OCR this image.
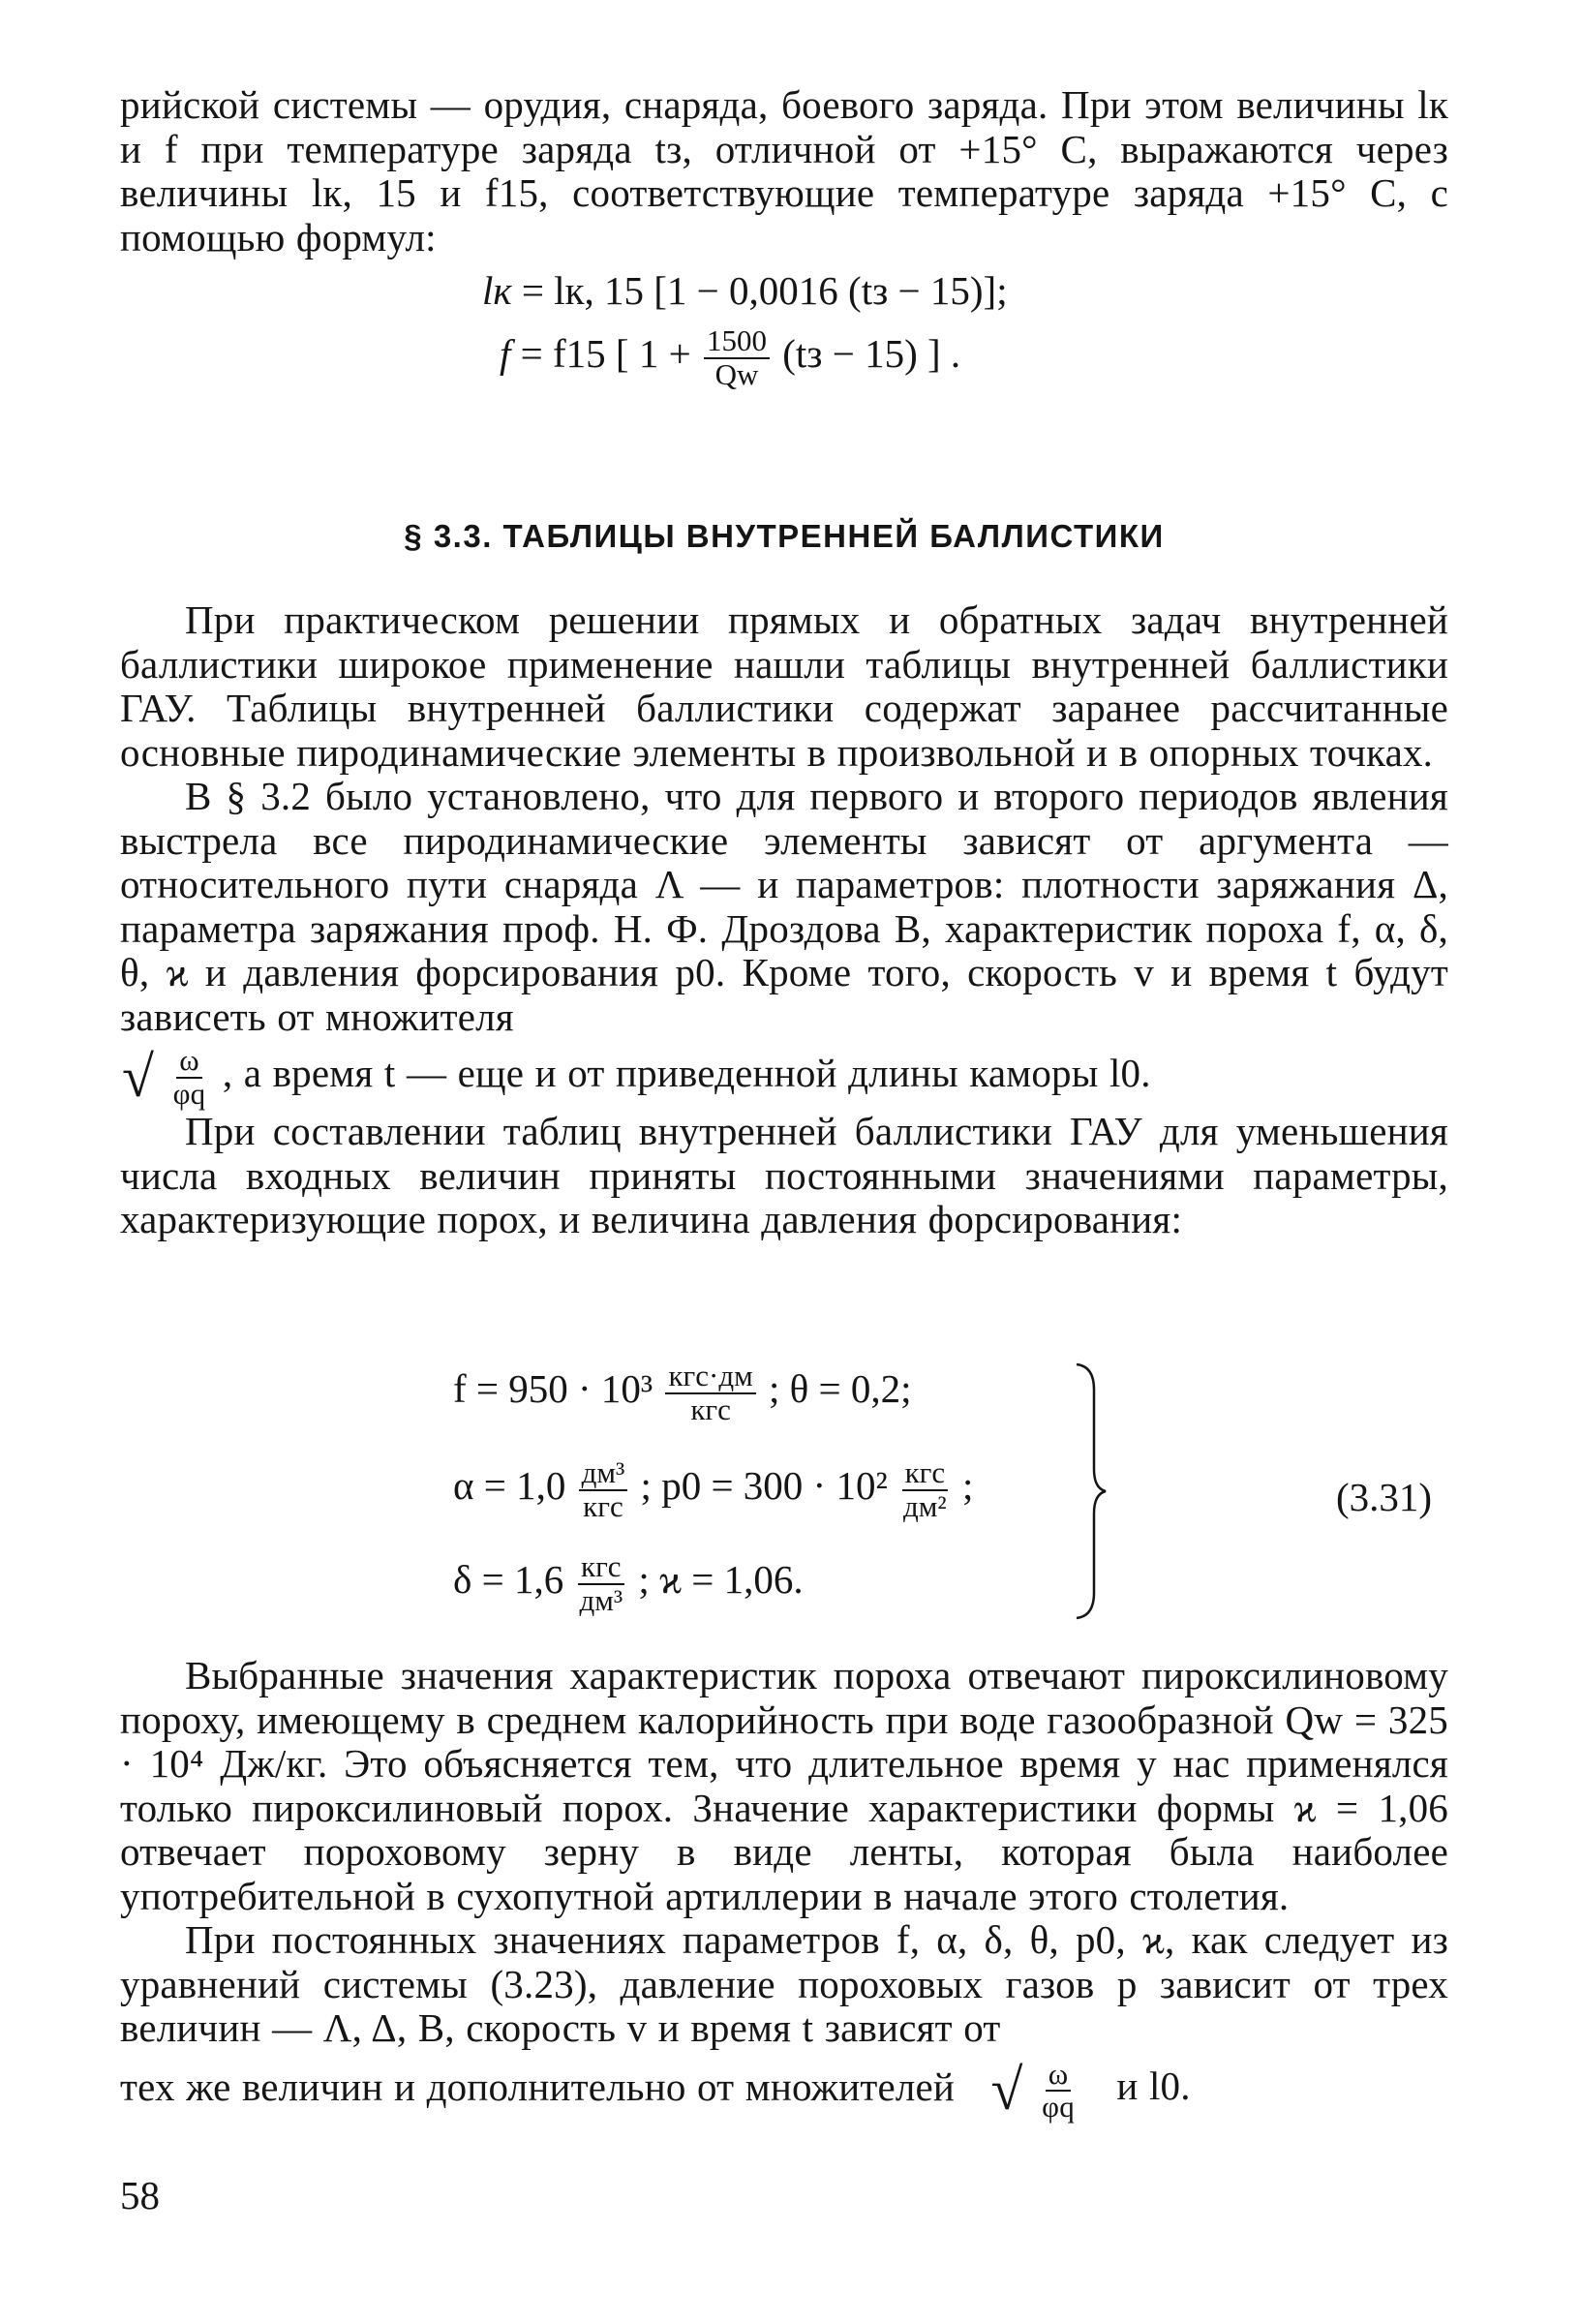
рийской системы — орудия, снаряда, боевого заряда. При этом величины lк и f при температуре заряда tз, отличной от +15° С, выражаются через величины lк, 15 и f15, соответствующие температуре заряда +15° С, с помощью формул:

lк = lк, 15 [1 − 0,0016 (tз − 15)];
f = f15 [ $1 + \frac{1500}{Qw} (tз - 15)$ ] .
§ 3.3. ТАБЛИЦЫ ВНУТРЕННЕЙ БАЛЛИСТИКИ

При практическом решении прямых и обратных задач внутренней баллистики широкое применение нашли таблицы внутренней баллистики ГАУ. Таблицы внутренней баллистики содержат заранее рассчитанные основные пиродинамические элементы в произвольной и в опорных точках.

В § 3.2 было установлено, что для первого и второго периодов явления выстрела все пиродинамические элементы зависят от аргумента — относительного пути снаряда Λ — и параметров: плотности заряжания Δ, параметра заряжания проф. Н. Ф. Дроздова B, характеристик пороха f, α, δ, θ, ϰ и давления форсирования p0. Кроме того, скорость v и время t будут зависеть от множителя

√ $\frac{\omega}{\varphi q}$ , а время t — еще и от приведенной длины каморы l0.

При составлении таблиц внутренней баллистики ГАУ для уменьшения числа входных величин приняты постоянными значениями параметры, характеризующие порох, и величина давления форсирования:

$f = 950 \cdot 10^3 \frac{\text{кгс·дм}}{\text{кгс}}$ ; θ = 0,2;
$\alpha = 1,0 \frac{\text{дм³}}{\text{кгс}}$ ; $p0 = 300 \cdot 10^2 \frac{\text{кгс}}{\text{дм²}}$ ;
$\delta = 1,6 \frac{\text{кгс}}{\text{дм³}}$ ; ϰ = 1,06.
(3.31)

Выбранные значения характеристик пороха отвечают пироксилиновому пороху, имеющему в среднем калорийность при воде газообразной Qw = 325 · 10⁴ Дж/кг. Это объясняется тем, что длительное время у нас применялся только пироксилиновый порох. Значение характеристики формы ϰ = 1,06 отвечает пороховому зерну в виде ленты, которая была наиболее употребительной в сухопутной артиллерии в начале этого столетия.

При постоянных значениях параметров f, α, δ, θ, p0, ϰ, как следует из уравнений системы (3.23), давление пороховых газов p зависит от трех величин — Λ, Δ, B, скорость v и время t зависят от

тех же величин и дополнительно от множителей √ $\frac{\omega}{\varphi q}$ и l0.
58
